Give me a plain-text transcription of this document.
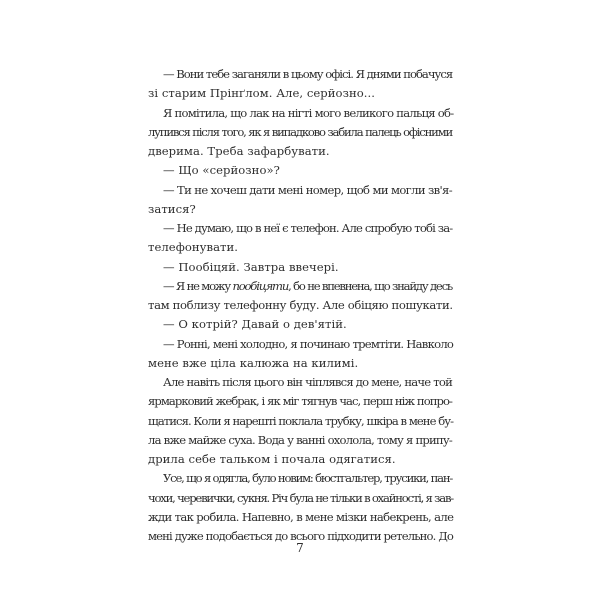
— Вони тебе заганяли в цьому офісі. Я днями побачуся
зі старим Прінґлом. Але, серйозно...
Я помітила, що лак на нігті мого великого пальця об-
лупився після того, як я випадково забила палець офісними
дверима. Треба зафарбувати.
— Що «серйозно»?
— Ти не хочеш дати мені номер, щоб ми могли зв'я-
затися?
— Не думаю, що в неї є телефон. Але спробую тобі за-
телефонувати.
— Пообіцяй. Завтра ввечері.
— Я не можу пообіцяти, бо не впевнена, що знайду десь
там поблизу телефонну буду. Але обіцяю пошукати.
— О котрій? Давай о дев'ятій.
— Ронні, мені холодно, я починаю тремтіти. Навколо
мене вже ціла калюжа на килимі.
Але навіть після цього він чіплявся до мене, наче той
ярмарковий жебрак, і як міг тягнув час, перш ніж попро-
щатися. Коли я нарешті поклала трубку, шкіра в мене бу-
ла вже майже суха. Вода у ванні охолола, тому я припу-
дрила себе тальком і почала одягатися.
Усе, що я одягла, було новим: бюстгальтер, трусики, пан-
чохи, черевички, сукня. Річ була не тільки в охайності, я зав-
жди так робила. Напевно, в мене мізки набекрень, але
мені дуже подобається до всього підходити ретельно. До
7
